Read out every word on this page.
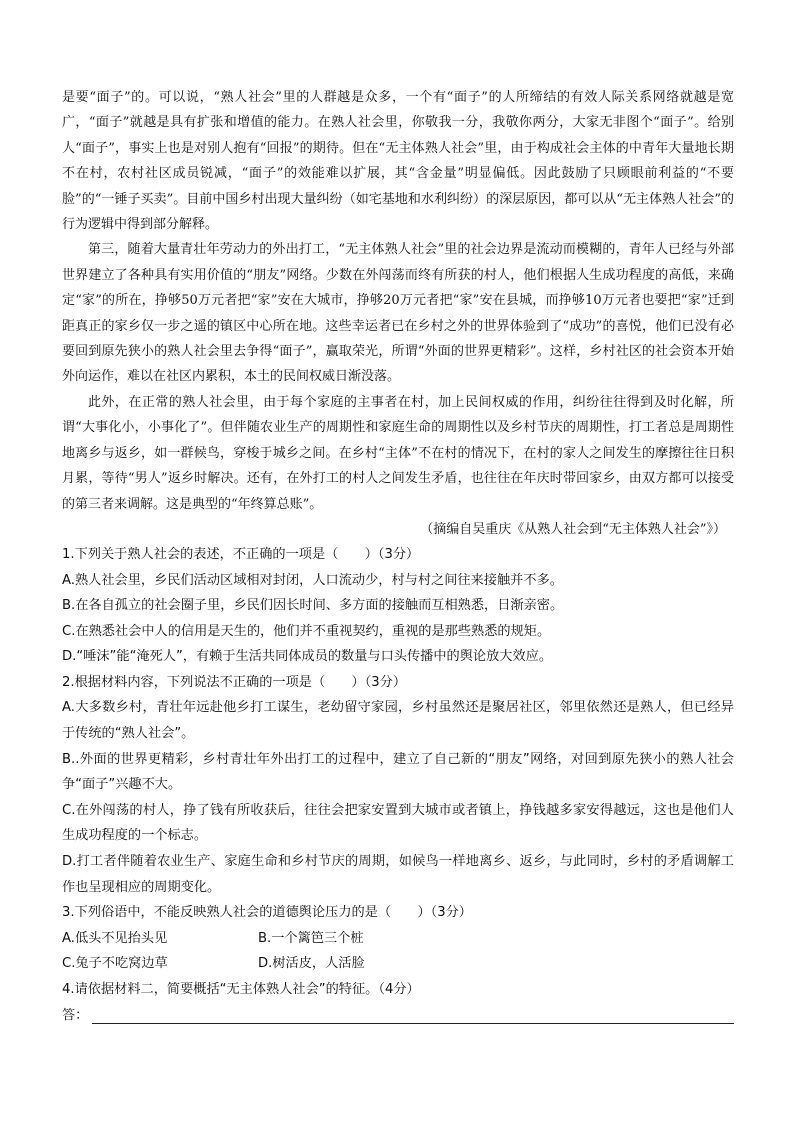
是要“面子”的。可以说，“熟人社会”里的人群越是众多，一个有“面子”的人所缔结的有效人际关系网络就越是宽广，“面子”就越是具有扩张和增值的能力。在熟人社会里，你敬我一分，我敬你两分，大家无非图个“面子”。给别人“面子”，事实上也是对别人抱有“回报”的期待。但在“无主体熟人社会”里，由于构成社会主体的中青年大量地长期不在村，农村社区成员锐减，“面子”的效能难以扩展，其“含金量”明显偏低。因此鼓励了只顾眼前利益的“不要脸”的“一锤子买卖”。目前中国乡村出现大量纠纷（如宅基地和水利纠纷）的深层原因，都可以从“无主体熟人社会”的行为逻辑中得到部分解释。

第三，随着大量青壮年劳动力的外出打工，“无主体熟人社会”里的社会边界是流动而模糊的，青年人已经与外部世界建立了各种具有实用价值的“朋友”网络。少数在外闯荡而终有所获的村人，他们根据人生成功程度的高低，来确定“家”的所在，挣够50万元者把“家”安在大城市，挣够20万元者把“家”安在县城，而挣够10万元者也要把“家”迁到距真正的家乡仅一步之遥的镇区中心所在地。这些幸运者已在乡村之外的世界体验到了“成功”的喜悦，他们已没有必要回到原先狭小的熟人社会里去争得“面子”，赢取荣光，所谓“外面的世界更精彩”。这样，乡村社区的社会资本开始外向运作，难以在社区内累积，本土的民间权威日渐没落。

此外，在正常的熟人社会里，由于每个家庭的主事者在村，加上民间权威的作用，纠纷往往得到及时化解，所谓“大事化小，小事化了”。但伴随农业生产的周期性和家庭生命的周期性以及乡村节庆的周期性，打工者总是周期性地离乡与返乡，如一群候鸟，穿梭于城乡之间。在乡村“主体”不在村的情况下，在村的家人之间发生的摩擦往往日积月累，等待“男人”返乡时解决。还有，在外打工的村人之间发生矛盾，也往往在年庆时带回家乡，由双方都可以接受的第三者来调解。这是典型的“年终算总账”。

（摘编自吴重庆《从熟人社会到“无主体熟人社会”》）

1.下列关于熟人社会的表述，不正确的一项是（　　）（3分）

A.熟人社会里，乡民们活动区域相对封闭，人口流动少，村与村之间往来接触并不多。

B.在各自孤立的社会圈子里，乡民们因长时间、多方面的接触而互相熟悉，日渐亲密。

C.在熟悉社会中人的信用是天生的，他们并不重视契约，重视的是那些熟悉的规矩。

D.“唾沫”能“淹死人”，有赖于生活共同体成员的数量与口头传播中的舆论放大效应。

2.根据材料内容，下列说法不正确的一项是（　　）（3分）

A.大多数乡村，青壮年远赴他乡打工谋生，老幼留守家园，乡村虽然还是聚居社区，邻里依然还是熟人，但已经异于传统的“熟人社会”。

B..外面的世界更精彩，乡村青壮年外出打工的过程中，建立了自己新的“朋友”网络，对回到原先狭小的熟人社会争“面子”兴趣不大。

C.在外闯荡的村人，挣了钱有所收获后，往往会把家安置到大城市或者镇上，挣钱越多家安得越远，这也是他们人生成功程度的一个标志。

D.打工者伴随着农业生产、家庭生命和乡村节庆的周期，如候鸟一样地离乡、返乡，与此同时，乡村的矛盾调解工作也呈现相应的周期变化。

3.下列俗语中，不能反映熟人社会的道德舆论压力的是（　　）（3分）

A.低头不见抬头见	B.一个篱笆三个桩
C.兔子不吃窝边草	D.树活皮，人活脸

4.请依据材料二，简要概括“无主体熟人社会”的特征。（4分）

答：
